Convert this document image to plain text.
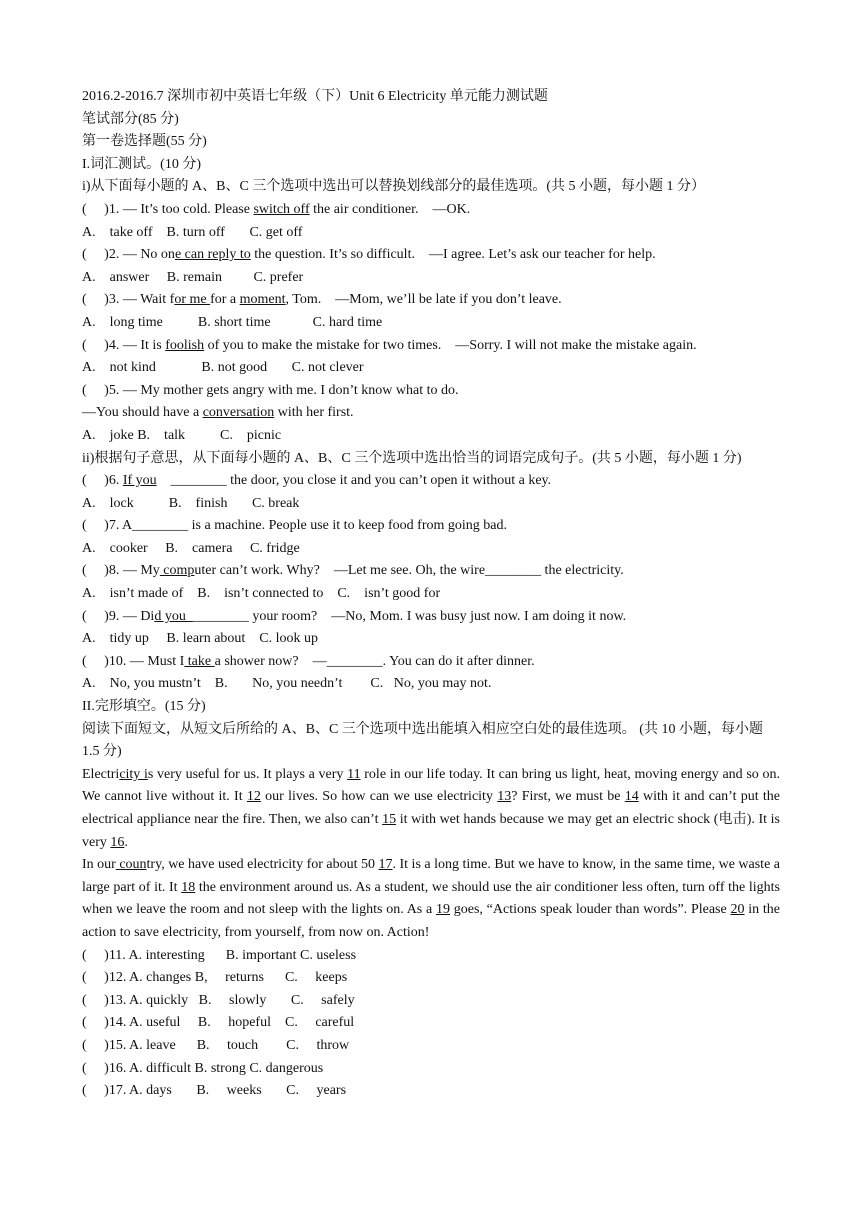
2016.2-2016.7 深圳市初中英语七年级（下）Unit 6 Electricity 单元能力测试题
笔试部分(85 分)
第一卷选择题(55 分)
I.词汇测试。(10 分)
i)从下面每小题的 A、B、C 三个选项中选出可以替换划线部分的最佳选项。(共 5 小题，每小题 1 分）
(     )1. — It’s too cold. Please switch off the air conditioner.    —OK.
A.    take off    B. turn off       C. get off
(     )2. — No one can reply to the question. It’s so difficult.    —I agree. Let’s ask our teacher for help.
A.    answer     B. remain         C. prefer
(     )3. — Wait for me for a moment, Tom.    —Mom, we’ll be late if you don’t leave.
A.    long time          B. short time            C. hard time
(     )4. — It is foolish of you to make the mistake for two times.    —Sorry. I will not make the mistake again.
A.    not kind             B. not good       C. not clever
(     )5. — My mother gets angry with me. I don’t know what to do.
—You should have a conversation with her first.
A.    joke B.    talk          C.    picnic
ii)根据句子意思，从下面每小题的 A、B、C 三个选项中选出恰当的词语完成句子。(共 5 小题，每小题 1 分)
(     )6. If you    ________ the door, you close it and you can’t open it without a key.
A.    lock          B.    finish       C. break
(     )7. A________ is a machine. People use it to keep food from going bad.
A.    cooker     B.    camera     C. fridge
(     )8. — My computer can’t work. Why?    —Let me see. Oh, the wire________ the electricity.
A.    isn’t made of    B.    isn’t connected to    C.    isn’t good for
(     )9. — Did you  ________ your room?    —No, Mom. I was busy just now. I am doing it now.
A.    tidy up     B. learn about    C. look up
(     )10. — Must I take a shower now?    —________. You can do it after dinner.
A.    No, you mustn’t    B.       No, you needn’t        C.   No, you may not.
II.完形填空。(15 分)
阅读下面短文，从短文后所给的 A、B、C 三个选项中选出能填入相应空白处的最佳选项。 (共 10 小题，每小题 1.5 分)
Electricity is very useful for us. It plays a very 11 role in our life today. It can bring us light, heat, moving energy and so on. We cannot live without it. It 12 our lives. So how can we use electricity 13? First, we must be 14 with it and can’t put the electrical appliance near the fire. Then, we also can’t 15 it with wet hands because we may get an electric shock (电击). It is very 16.
In our country, we have used electricity for about 50 17. It is a long time. But we have to know, in the same time, we waste a large part of it. It 18 the environment around us. As a student, we should use the air conditioner less often, turn off the lights when we leave the room and not sleep with the lights on. As a 19 goes, “Actions speak louder than words”. Please 20 in the action to save electricity, from yourself, from now on. Action!
(     )11. A. interesting      B. important C. useless
(     )12. A. changes B,     returns      C.     keeps
(     )13. A. quickly   B.     slowly       C.     safely
(     )14. A. useful     B.     hopeful    C.     careful
(     )15. A. leave      B.     touch        C.     throw
(     )16. A. difficult B. strong C. dangerous
(     )17. A. days       B.     weeks       C.     years
